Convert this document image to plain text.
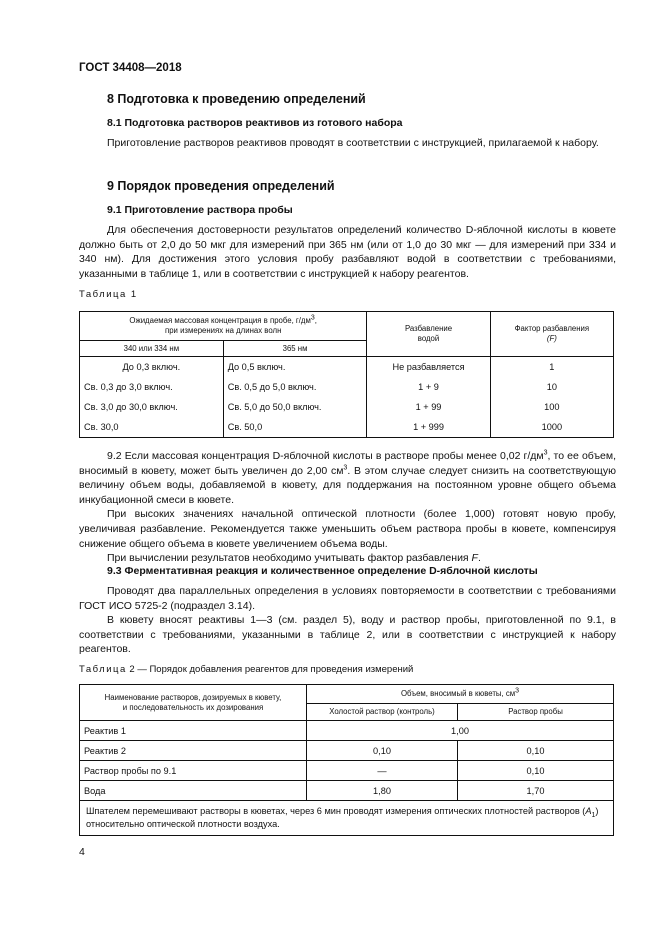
ГОСТ 34408—2018
8 Подготовка к проведению определений
8.1 Подготовка растворов реактивов из готового набора

Приготовление растворов реактивов проводят в соответствии с инструкцией, прилагаемой к набору.

9 Порядок проведения определений
9.1 Приготовление раствора пробы

Для обеспечения достоверности результатов определений количество D-яблочной кислоты в кювете должно быть от 2,0 до 50 мкг для измерений при 365 нм (или от 1,0 до 30 мкг — для измерений при 334 и 340 нм). Для достижения этого условия пробу разбавляют водой в соответствии с требованиями, указанными в таблице 1, или в соответствии с инструкцией к набору реагентов.

Таблица 1
Ожидаемая массовая концентрация в пробе, $г/дм^3$,
при измерениях на длинах волн		Разбавление
водой	Фактор разбавления
(F)
340 или 334 нм	365 нм		
До 0,3 включ.	До 0,5 включ.	Не разбавляется	1
Св. 0,3 до 3,0 включ.	Св. 0,5 до 5,0 включ.	1 + 9	10
Св. 3,0 до 30,0 включ.	Св. 5,0 до 50,0 включ.	1 + 99	100
Св. 30,0	Св. 50,0	1 + 999	1000

9.2 Если массовая концентрация D-яблочной кислоты в растворе пробы менее 0,02 $г/дм^3$, то ее объем, вносимый в кювету, может быть увеличен до 2,00 $см^3$. В этом случае следует снизить на соответствующую величину объем воды, добавляемой в кювету, для поддержания на постоянном уровне общего объема инкубационной смеси в кювете.

При высоких значениях начальной оптической плотности (более 1,000) готовят новую пробу, увеличивая разбавление. Рекомендуется также уменьшить объем раствора пробы в кювете, компенсируя снижение общего объема в кювете увеличением объема воды.

При вычислении результатов необходимо учитывать фактор разбавления F.

9.3 Ферментативная реакция и количественное определение D-яблочной кислоты

Проводят два параллельных определения в условиях повторяемости в соответствии с требованиями ГОСТ ИСО 5725-2 (подраздел 3.14).

В кювету вносят реактивы 1—3 (см. раздел 5), воду и раствор пробы, приготовленной по 9.1, в соответствии с требованиями, указанными в таблице 2, или в соответствии с инструкцией к набору реагентов.

Таблица 2 — Порядок добавления реагентов для проведения измерений
Наименование растворов, дозируемых в кювету,
и последовательность их дозирования	Объем, вносимый в кюветы, $см^3$
	Холостой раствор (контроль)	Раствор пробы
Реактив 1	1,00	
Реактив 2	0,10	0,10
Раствор пробы по 9.1	—	0,10
Вода	1,80	1,70
Шпателем перемешивают растворы в кюветах, через 6 мин проводят измерения оптических плотностей растворов $(A_1)$ относительно оптической плотности воздуха.		
4
